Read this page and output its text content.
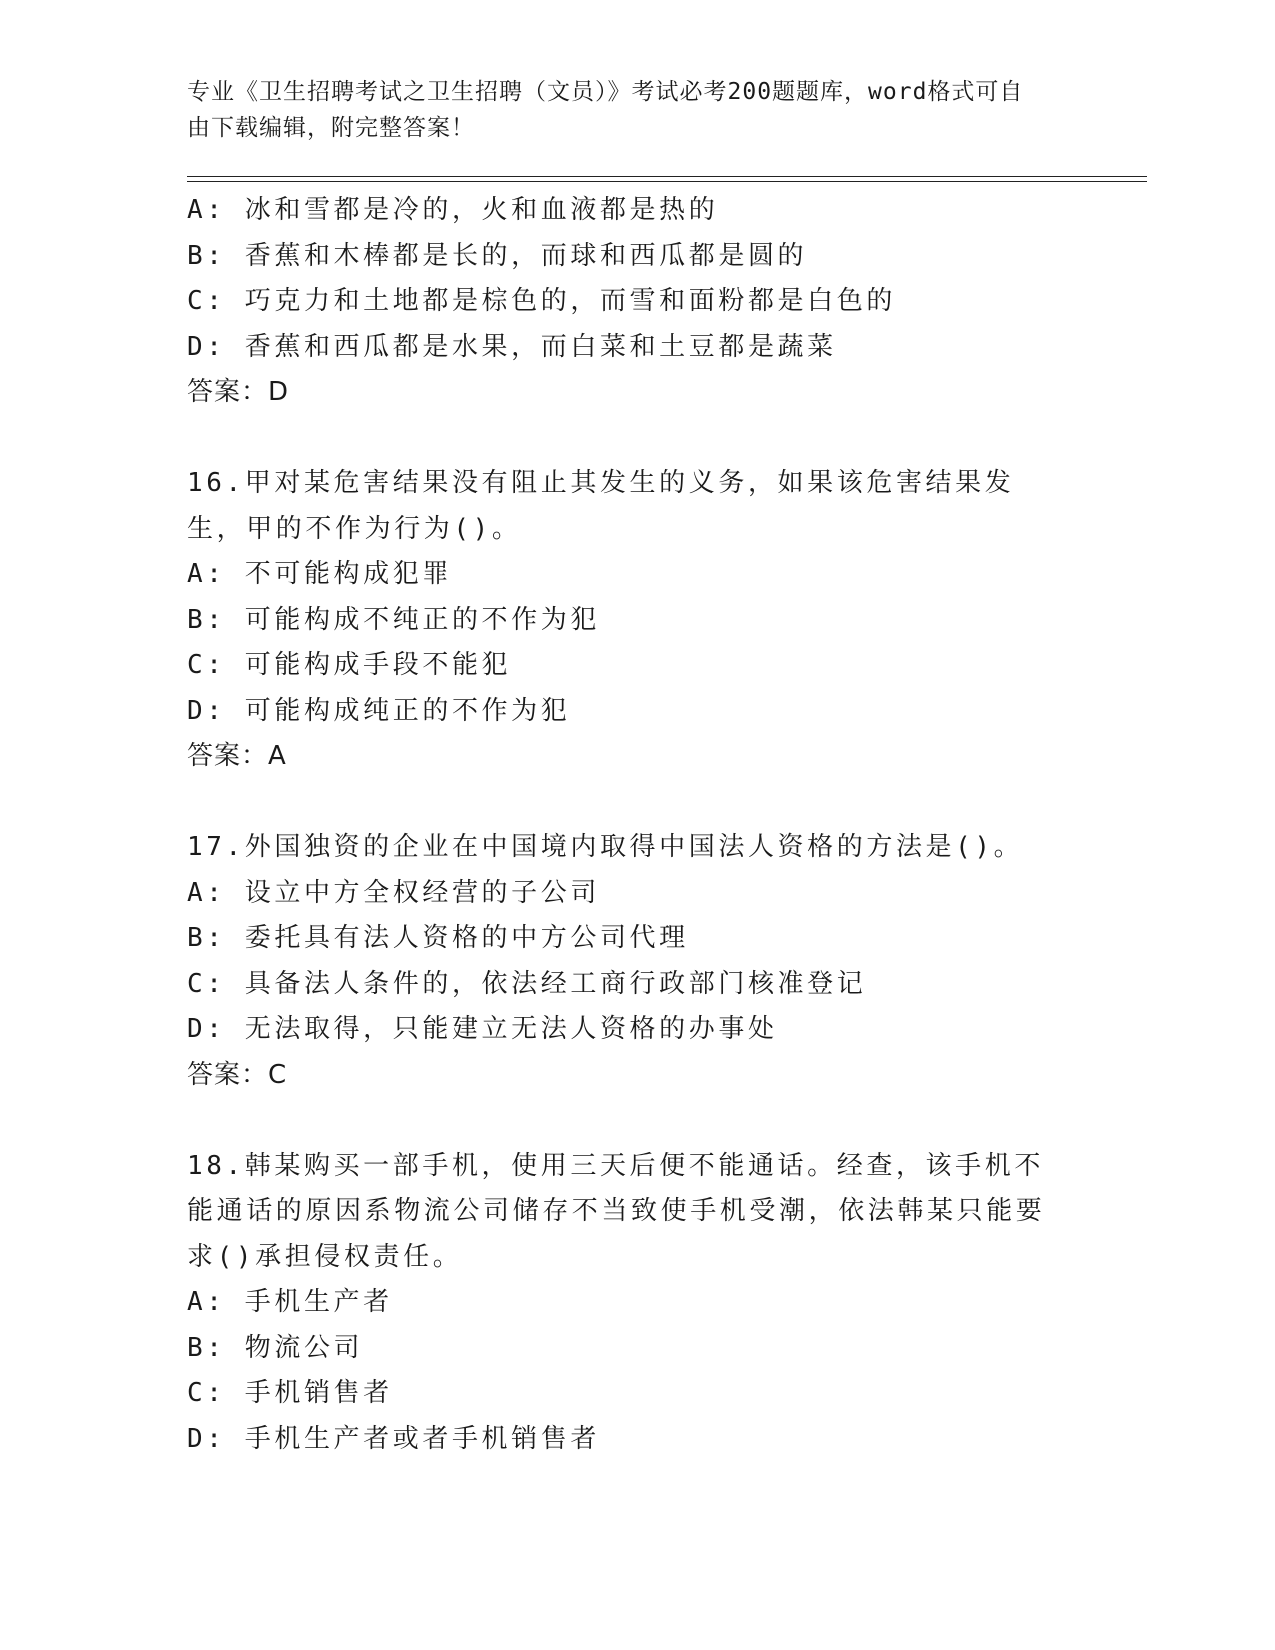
专业《卫生招聘考试之卫生招聘（文员）》考试必考200题题库，word格式可自
由下载编辑，附完整答案！
A: 冰和雪都是冷的，火和血液都是热的
B: 香蕉和木棒都是长的，而球和西瓜都是圆的
C: 巧克力和土地都是棕色的，而雪和面粉都是白色的
D: 香蕉和西瓜都是水果，而白菜和土豆都是蔬菜
答案：D
16.甲对某危害结果没有阻止其发生的义务，如果该危害结果发生，甲的不作为行为()。
A: 不可能构成犯罪
B: 可能构成不纯正的不作为犯
C: 可能构成手段不能犯
D: 可能构成纯正的不作为犯
答案：A
17.外国独资的企业在中国境内取得中国法人资格的方法是()。
A: 设立中方全权经营的子公司
B: 委托具有法人资格的中方公司代理
C: 具备法人条件的，依法经工商行政部门核准登记
D: 无法取得，只能建立无法人资格的办事处
答案：C
18.韩某购买一部手机，使用三天后便不能通话。经查，该手机不能通话的原因系物流公司储存不当致使手机受潮，依法韩某只能要求()承担侵权责任。
A: 手机生产者
B: 物流公司
C: 手机销售者
D: 手机生产者或者手机销售者
